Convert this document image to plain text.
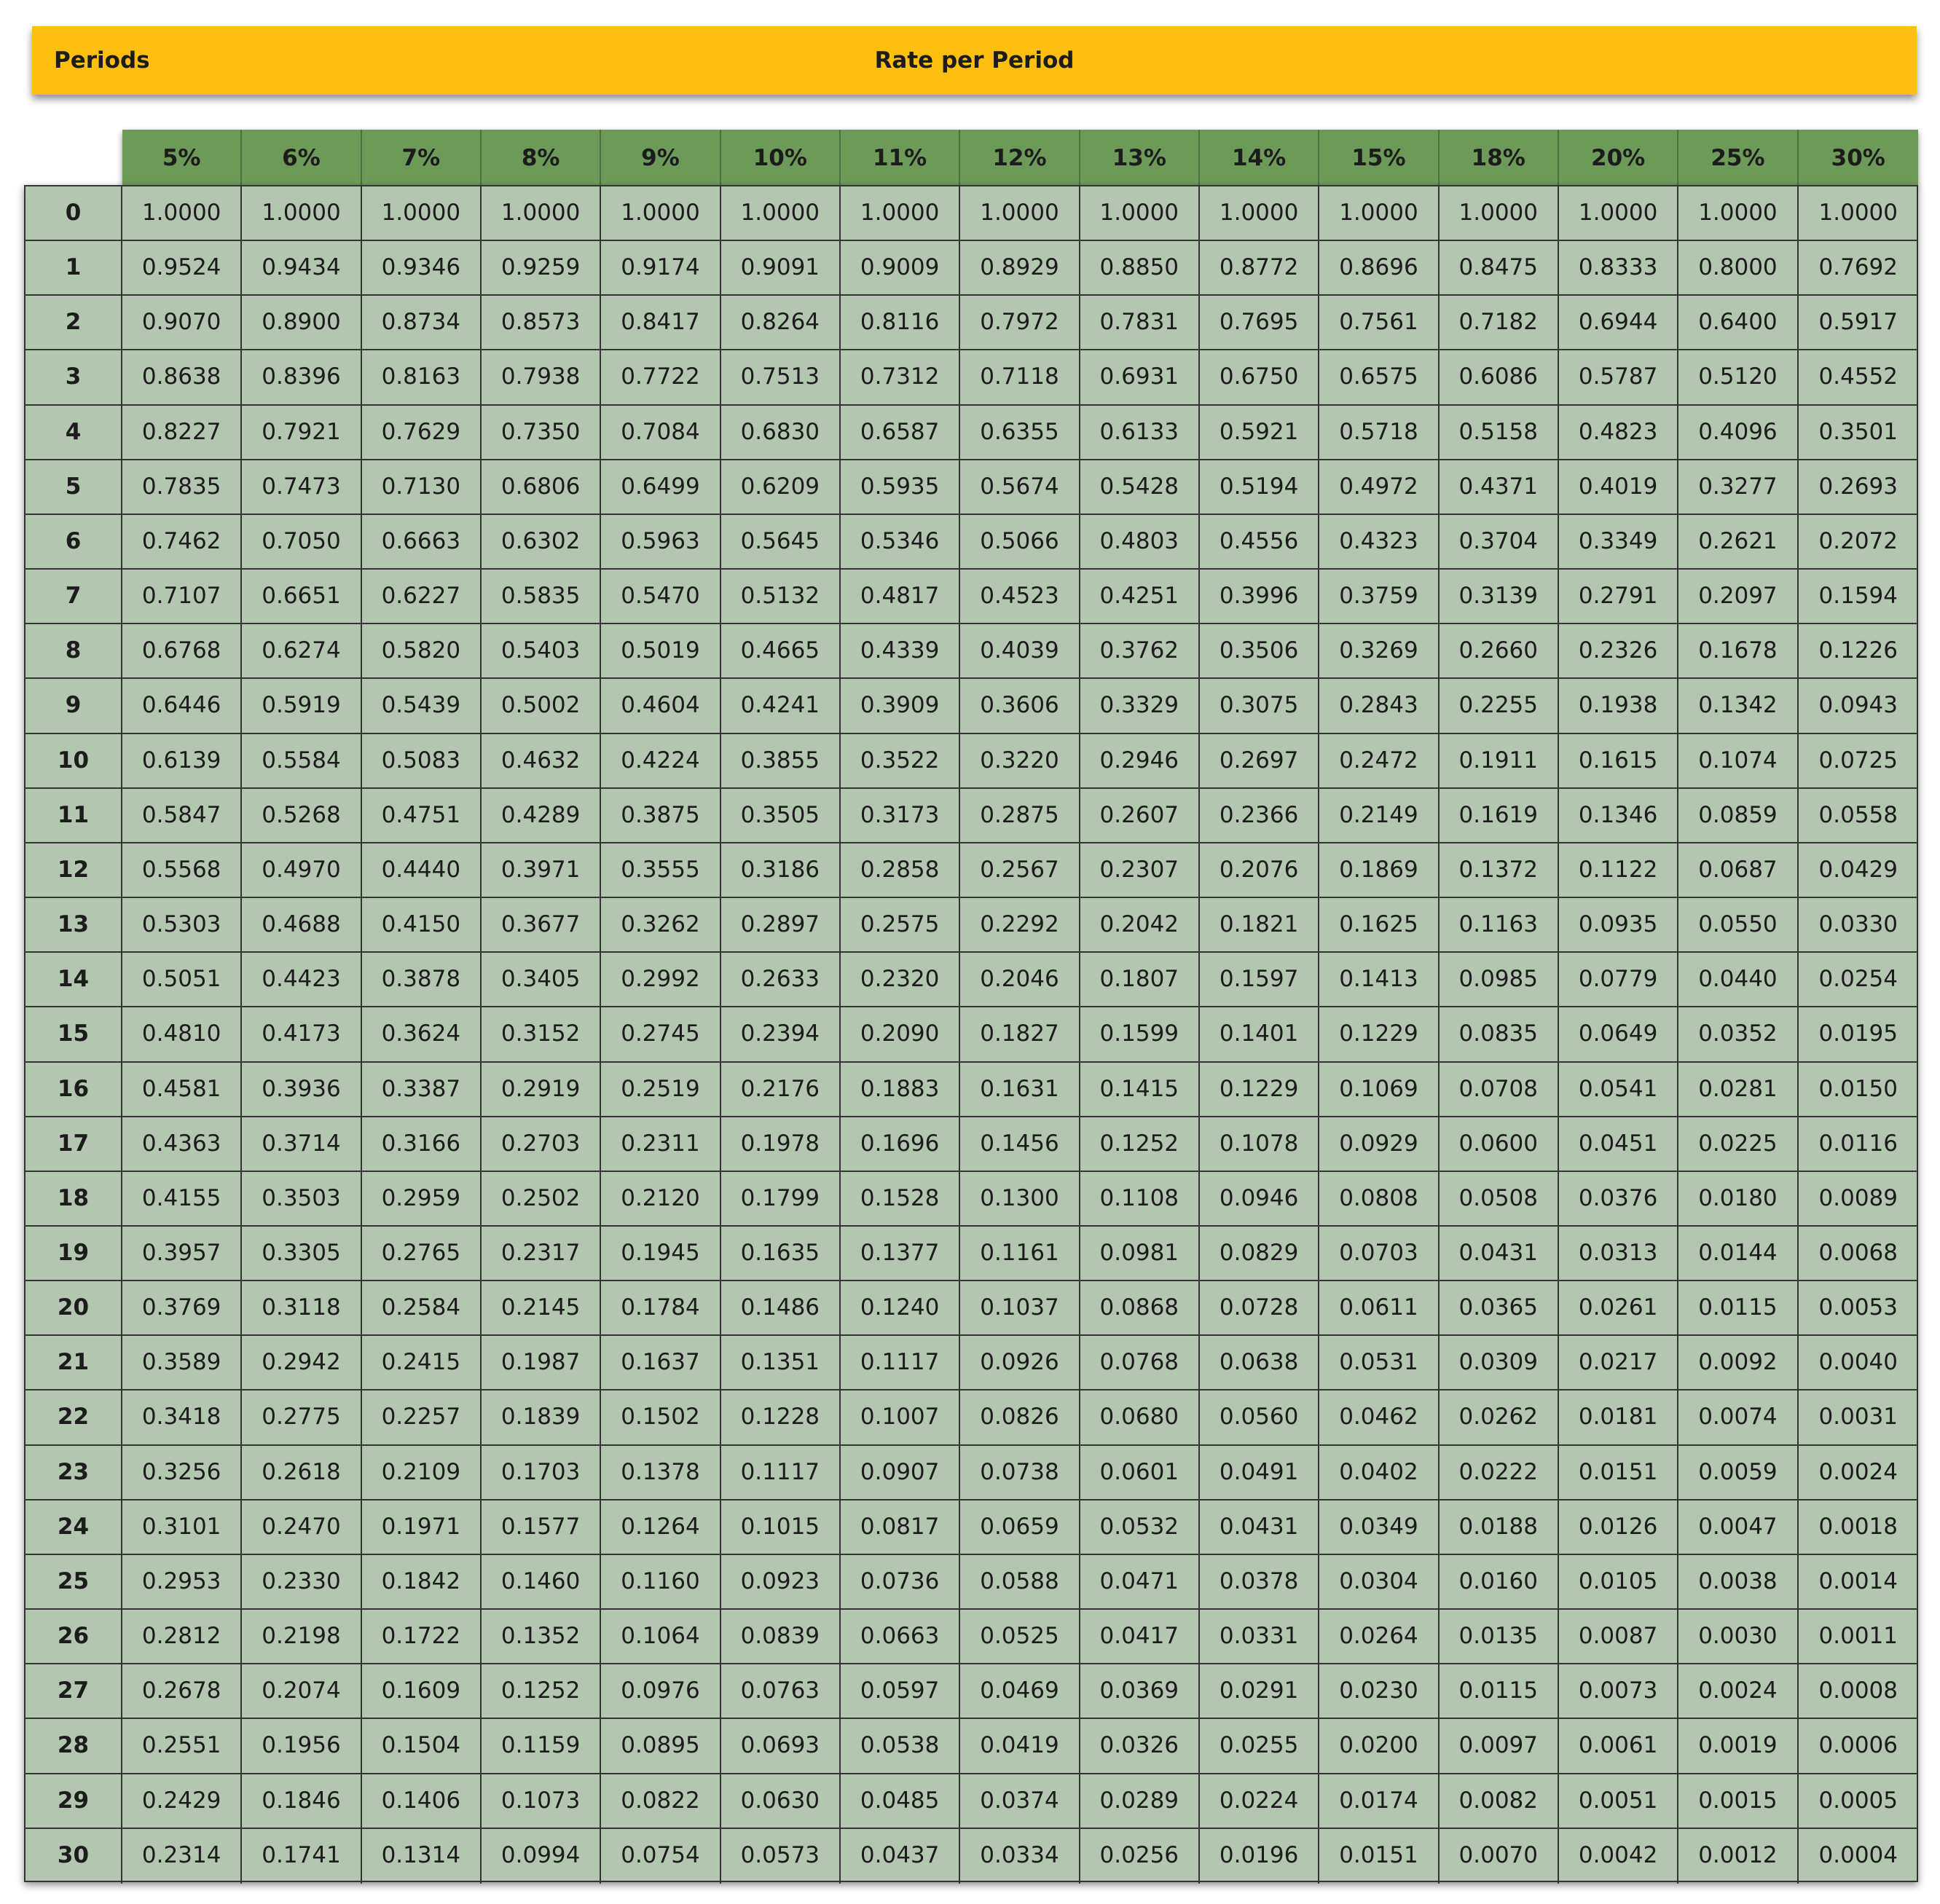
Periods	Rate per Period
5%	6%	7%	8%	9%	10%	11%	12%	13%	14%	15%	18%	20%	25%	30%
0	1.0000	1.0000	1.0000	1.0000	1.0000	1.0000	1.0000	1.0000	1.0000	1.0000	1.0000	1.0000	1.0000	1.0000	1.0000
1	0.9524	0.9434	0.9346	0.9259	0.9174	0.9091	0.9009	0.8929	0.8850	0.8772	0.8696	0.8475	0.8333	0.8000	0.7692
2	0.9070	0.8900	0.8734	0.8573	0.8417	0.8264	0.8116	0.7972	0.7831	0.7695	0.7561	0.7182	0.6944	0.6400	0.5917
3	0.8638	0.8396	0.8163	0.7938	0.7722	0.7513	0.7312	0.7118	0.6931	0.6750	0.6575	0.6086	0.5787	0.5120	0.4552
4	0.8227	0.7921	0.7629	0.7350	0.7084	0.6830	0.6587	0.6355	0.6133	0.5921	0.5718	0.5158	0.4823	0.4096	0.3501
5	0.7835	0.7473	0.7130	0.6806	0.6499	0.6209	0.5935	0.5674	0.5428	0.5194	0.4972	0.4371	0.4019	0.3277	0.2693
6	0.7462	0.7050	0.6663	0.6302	0.5963	0.5645	0.5346	0.5066	0.4803	0.4556	0.4323	0.3704	0.3349	0.2621	0.2072
7	0.7107	0.6651	0.6227	0.5835	0.5470	0.5132	0.4817	0.4523	0.4251	0.3996	0.3759	0.3139	0.2791	0.2097	0.1594
8	0.6768	0.6274	0.5820	0.5403	0.5019	0.4665	0.4339	0.4039	0.3762	0.3506	0.3269	0.2660	0.2326	0.1678	0.1226
9	0.6446	0.5919	0.5439	0.5002	0.4604	0.4241	0.3909	0.3606	0.3329	0.3075	0.2843	0.2255	0.1938	0.1342	0.0943
10	0.6139	0.5584	0.5083	0.4632	0.4224	0.3855	0.3522	0.3220	0.2946	0.2697	0.2472	0.1911	0.1615	0.1074	0.0725
11	0.5847	0.5268	0.4751	0.4289	0.3875	0.3505	0.3173	0.2875	0.2607	0.2366	0.2149	0.1619	0.1346	0.0859	0.0558
12	0.5568	0.4970	0.4440	0.3971	0.3555	0.3186	0.2858	0.2567	0.2307	0.2076	0.1869	0.1372	0.1122	0.0687	0.0429
13	0.5303	0.4688	0.4150	0.3677	0.3262	0.2897	0.2575	0.2292	0.2042	0.1821	0.1625	0.1163	0.0935	0.0550	0.0330
14	0.5051	0.4423	0.3878	0.3405	0.2992	0.2633	0.2320	0.2046	0.1807	0.1597	0.1413	0.0985	0.0779	0.0440	0.0254
15	0.4810	0.4173	0.3624	0.3152	0.2745	0.2394	0.2090	0.1827	0.1599	0.1401	0.1229	0.0835	0.0649	0.0352	0.0195
16	0.4581	0.3936	0.3387	0.2919	0.2519	0.2176	0.1883	0.1631	0.1415	0.1229	0.1069	0.0708	0.0541	0.0281	0.0150
17	0.4363	0.3714	0.3166	0.2703	0.2311	0.1978	0.1696	0.1456	0.1252	0.1078	0.0929	0.0600	0.0451	0.0225	0.0116
18	0.4155	0.3503	0.2959	0.2502	0.2120	0.1799	0.1528	0.1300	0.1108	0.0946	0.0808	0.0508	0.0376	0.0180	0.0089
19	0.3957	0.3305	0.2765	0.2317	0.1945	0.1635	0.1377	0.1161	0.0981	0.0829	0.0703	0.0431	0.0313	0.0144	0.0068
20	0.3769	0.3118	0.2584	0.2145	0.1784	0.1486	0.1240	0.1037	0.0868	0.0728	0.0611	0.0365	0.0261	0.0115	0.0053
21	0.3589	0.2942	0.2415	0.1987	0.1637	0.1351	0.1117	0.0926	0.0768	0.0638	0.0531	0.0309	0.0217	0.0092	0.0040
22	0.3418	0.2775	0.2257	0.1839	0.1502	0.1228	0.1007	0.0826	0.0680	0.0560	0.0462	0.0262	0.0181	0.0074	0.0031
23	0.3256	0.2618	0.2109	0.1703	0.1378	0.1117	0.0907	0.0738	0.0601	0.0491	0.0402	0.0222	0.0151	0.0059	0.0024
24	0.3101	0.2470	0.1971	0.1577	0.1264	0.1015	0.0817	0.0659	0.0532	0.0431	0.0349	0.0188	0.0126	0.0047	0.0018
25	0.2953	0.2330	0.1842	0.1460	0.1160	0.0923	0.0736	0.0588	0.0471	0.0378	0.0304	0.0160	0.0105	0.0038	0.0014
26	0.2812	0.2198	0.1722	0.1352	0.1064	0.0839	0.0663	0.0525	0.0417	0.0331	0.0264	0.0135	0.0087	0.0030	0.0011
27	0.2678	0.2074	0.1609	0.1252	0.0976	0.0763	0.0597	0.0469	0.0369	0.0291	0.0230	0.0115	0.0073	0.0024	0.0008
28	0.2551	0.1956	0.1504	0.1159	0.0895	0.0693	0.0538	0.0419	0.0326	0.0255	0.0200	0.0097	0.0061	0.0019	0.0006
29	0.2429	0.1846	0.1406	0.1073	0.0822	0.0630	0.0485	0.0374	0.0289	0.0224	0.0174	0.0082	0.0051	0.0015	0.0005
30	0.2314	0.1741	0.1314	0.0994	0.0754	0.0573	0.0437	0.0334	0.0256	0.0196	0.0151	0.0070	0.0042	0.0012	0.0004
